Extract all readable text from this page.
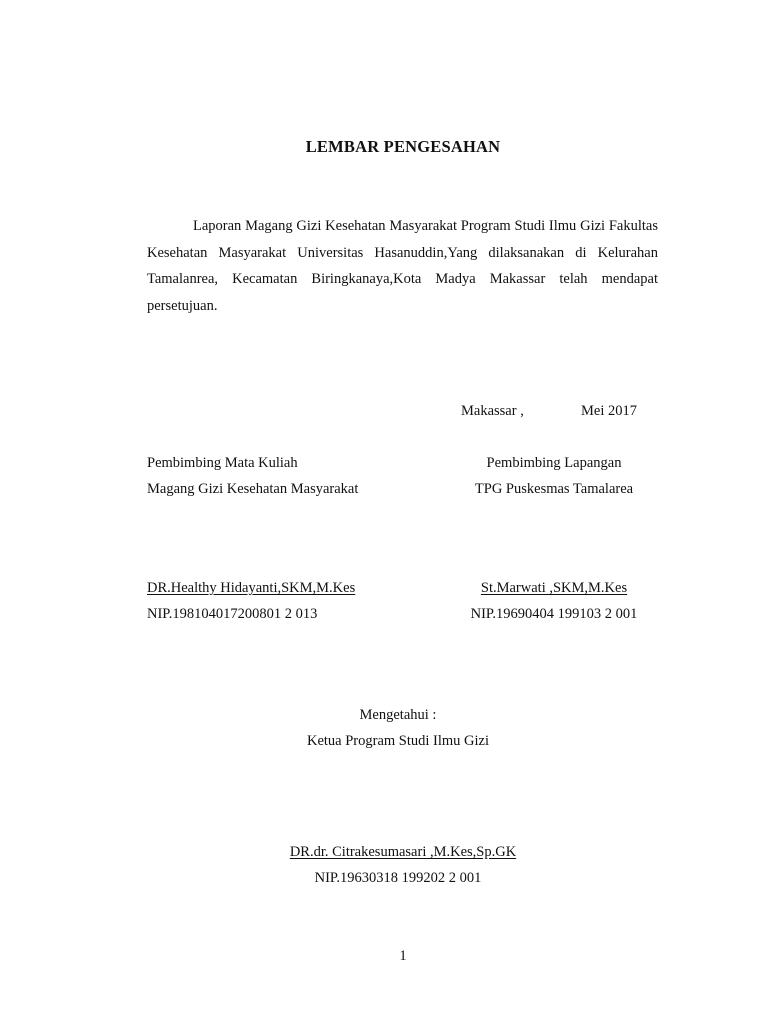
LEMBAR PENGESAHAN

Laporan Magang Gizi Kesehatan Masyarakat Program Studi Ilmu Gizi Fakultas Kesehatan Masyarakat Universitas Hasanuddin,Yang dilaksanakan di Kelurahan Tamalanrea, Kecamatan Biringkanaya,Kota Madya Makassar telah mendapat persetujuan.

Makassar ,	Mei 2017
Pembimbing Mata Kuliah
Magang Gizi Kesehatan Masyarakat
Pembimbing Lapangan
TPG Puskesmas Tamalarea
DR.Healthy Hidayanti,SKM,M.Kes
NIP.198104017200801 2 013
St.Marwati ,SKM,M.Kes
NIP.19690404 199103 2 001
Mengetahui :
Ketua Program Studi Ilmu Gizi
DR.dr. Citrakesumasari ,M.Kes,Sp.GK
NIP.19630318 199202 2 001
1
